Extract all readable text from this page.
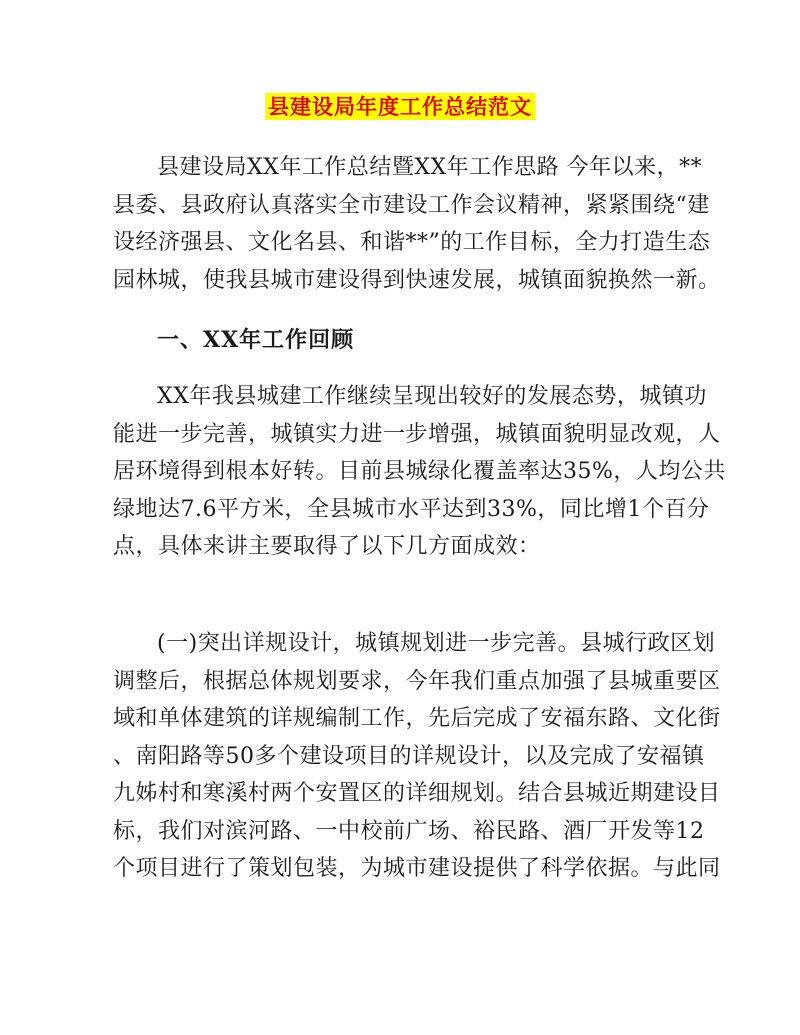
县建设局年度工作总结范文
县建设局XX年工作总结暨XX年工作思路 今年以来，**
县委、县政府认真落实全市建设工作会议精神，紧紧围绕“建
设经济强县、文化名县、和谐**”的工作目标，全力打造生态
园林城，使我县城市建设得到快速发展，城镇面貌换然一新。
一、XX年工作回顾
XX年我县城建工作继续呈现出较好的发展态势，城镇功
能进一步完善，城镇实力进一步增强，城镇面貌明显改观，人
居环境得到根本好转。目前县城绿化覆盖率达35%，人均公共
绿地达7.6平方米，全县城市水平达到33%，同比增1个百分
点，具体来讲主要取得了以下几方面成效：
(一)突出详规设计，城镇规划进一步完善。县城行政区划
调整后，根据总体规划要求，今年我们重点加强了县城重要区
域和单体建筑的详规编制工作，先后完成了安福东路、文化街
、南阳路等50多个建设项目的详规设计，以及完成了安福镇
九姊村和寒溪村两个安置区的详细规划。结合县城近期建设目
标，我们对滨河路、一中校前广场、裕民路、酒厂开发等12
个项目进行了策划包装，为城市建设提供了科学依据。与此同
